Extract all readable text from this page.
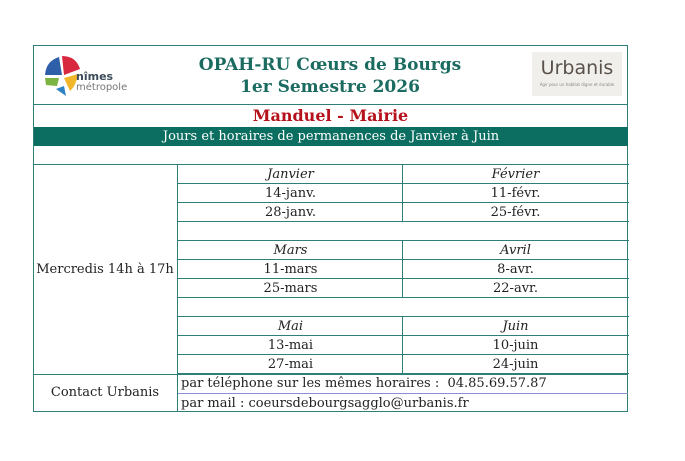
nîmes
métropole
OPAH-RU Cœurs de Bourgs
1er Semestre 2026
Urbanis
Agir pour un habitat digne et durable
Manduel - Mairie
Jours et horaires de permanences de Janvier à Juin
Mercredis 14h à 17h
Janvier
14-janv.
28-janv.
Février
11-févr.
25-févr.
Mars
11-mars
25-mars
Avril
8-avr.
22-avr.
Mai
13-mai
27-mai
Juin
10-juin
24-juin
Contact Urbanis
par téléphone sur les mêmes horaires :  04.85.69.57.87
par mail : coeursdebourgsagglo@urbanis.fr
